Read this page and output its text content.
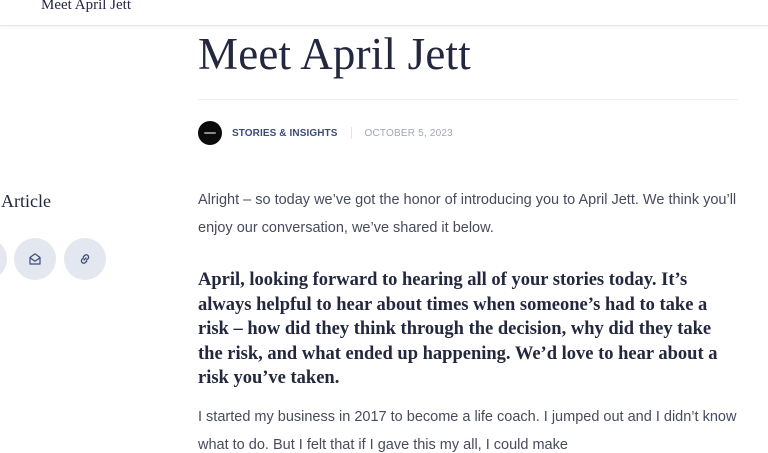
Meet April Jett
Meet April Jett
STORIES & INSIGHTS	OCTOBER 5, 2023
Article	Alright – so today we’ve got the honor of introducing you to April Jett. We think you’ll enjoy our conversation, we’ve shared it below.

April, looking forward to hearing all of your stories today. It’s always helpful to hear about times when someone’s had to take a risk – how did they think through the decision, why did they take the risk, and what ended up happening. We’d love to hear about a risk you’ve taken.

I started my business in 2017 to become a life coach. I jumped out and I didn’t know what to do. But I felt that if I gave this my all, I could make
